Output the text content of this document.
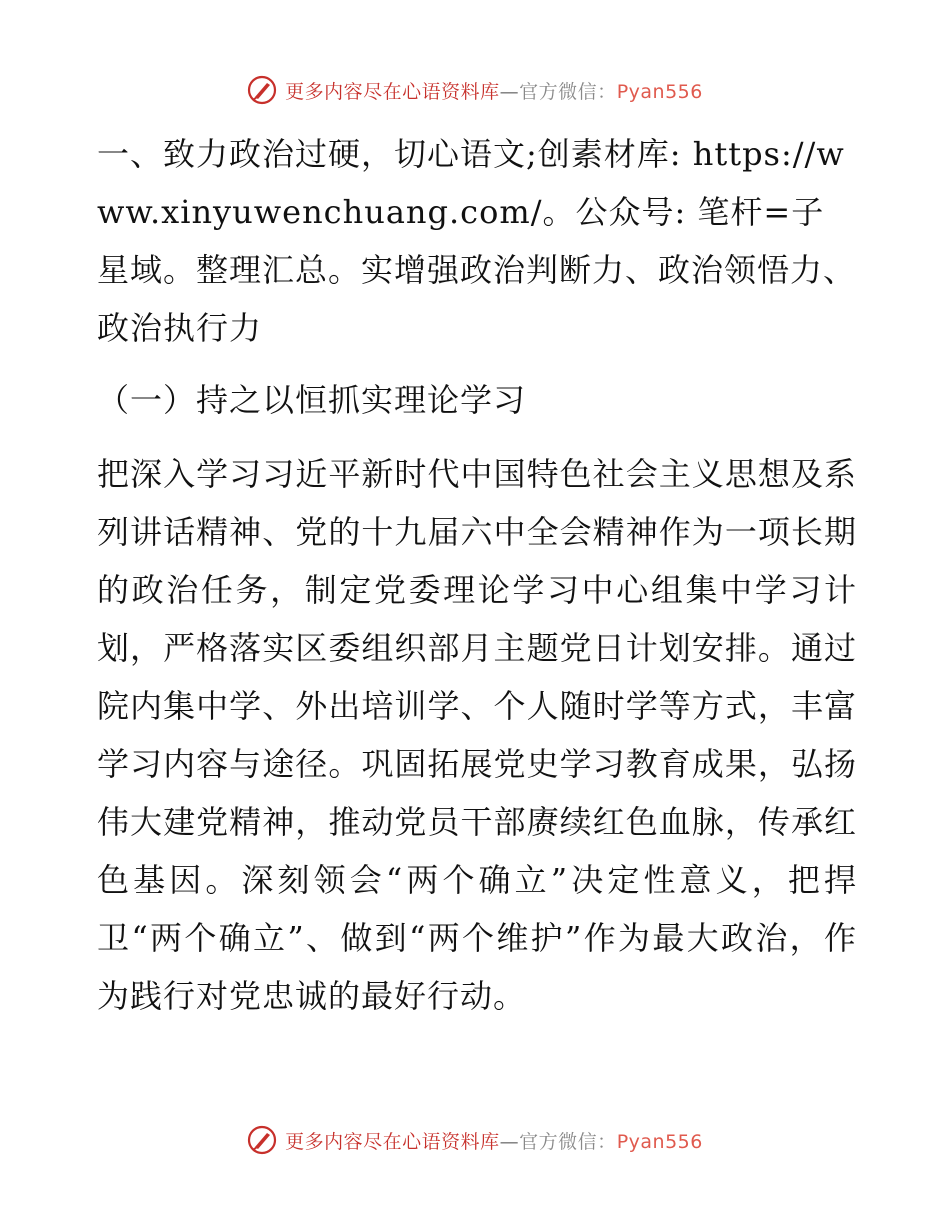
更多内容尽在心语资料库—官方微信：Pyan556

一、致力政治过硬，切心语文;创素材库: https://www.xinyuwenchuang.com/。公众号: 笔杆=子星域。整理汇总。实增强政治判断力、政治领悟力、政治执行力

（一）持之以恒抓实理论学习

把深入学习习近平新时代中国特色社会主义思想及系列讲话精神、党的十九届六中全会精神作为一项长期的政治任务，制定党委理论学习中心组集中学习计划，严格落实区委组织部月主题党日计划安排。通过院内集中学、外出培训学、个人随时学等方式，丰富学习内容与途径。巩固拓展党史学习教育成果，弘扬伟大建党精神，推动党员干部赓续红色血脉，传承红色基因。深刻领会“两个确立”决定性意义，把捍卫“两个确立”、做到“两个维护”作为最大政治，作为践行对党忠诚的最好行动。

更多内容尽在心语资料库—官方微信：Pyan556
